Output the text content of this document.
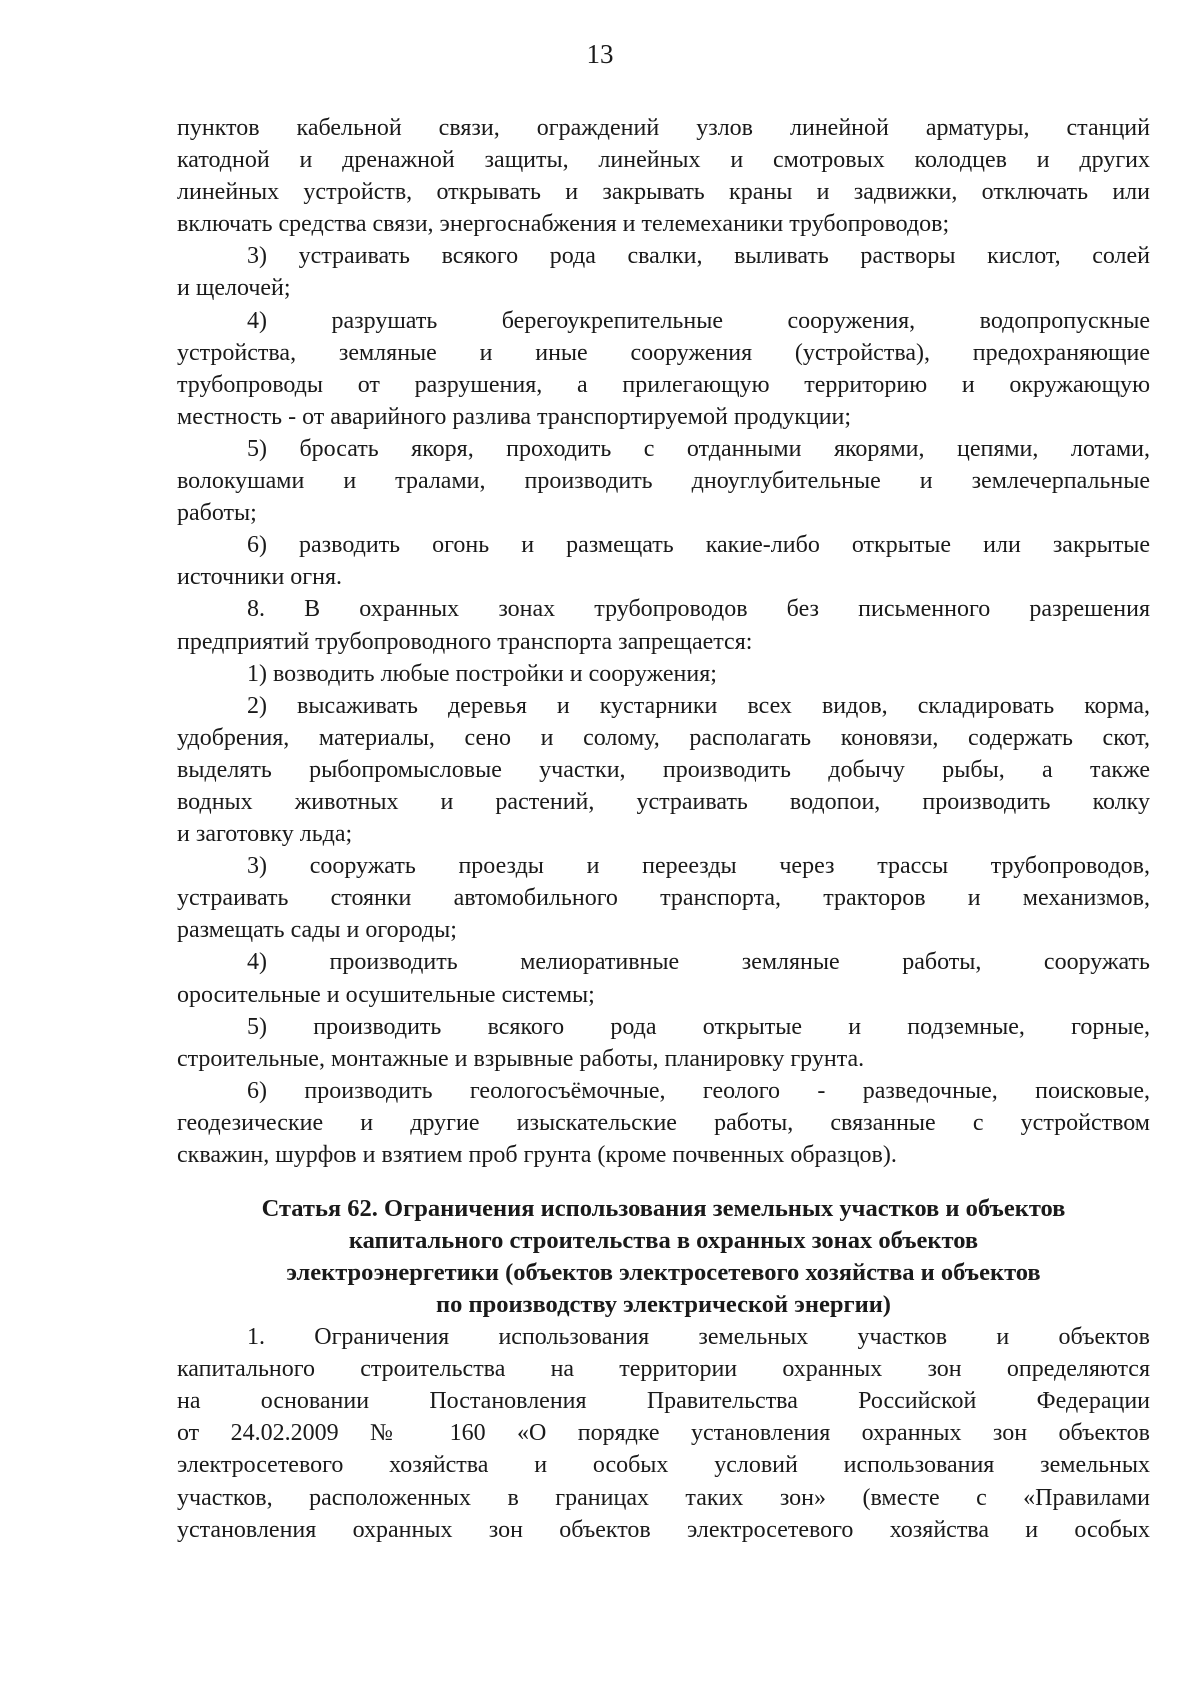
13
пунктов кабельной связи, ограждений узлов линейной арматуры, станций
катодной и дренажной защиты, линейных и смотровых колодцев и других
линейных устройств, открывать и закрывать краны и задвижки, отключать или
включать средства связи, энергоснабжения и телемеханики трубопроводов;
3) устраивать всякого рода свалки, выливать растворы кислот, солей
и щелочей;
4) разрушать берегоукрепительные сооружения, водопропускные
устройства, земляные и иные сооружения (устройства), предохраняющие
трубопроводы от разрушения, а прилегающую территорию и окружающую
местность - от аварийного разлива транспортируемой продукции;
5) бросать якоря, проходить с отданными якорями, цепями, лотами,
волокушами и тралами, производить дноуглубительные и землечерпальные
работы;
6) разводить огонь и размещать какие-либо открытые или закрытые
источники огня.
8. В охранных зонах трубопроводов без письменного разрешения
предприятий трубопроводного транспорта запрещается:
1) возводить любые постройки и сооружения;
2) высаживать деревья и кустарники всех видов, складировать корма,
удобрения, материалы, сено и солому, располагать коновязи, содержать скот,
выделять рыбопромысловые участки, производить добычу рыбы, а также
водных животных и растений, устраивать водопои, производить колку
и заготовку льда;
3) сооружать проезды и переезды через трассы трубопроводов,
устраивать стоянки автомобильного транспорта, тракторов и механизмов,
размещать сады и огороды;
4) производить мелиоративные земляные работы, сооружать
оросительные и осушительные системы;
5) производить всякого рода открытые и подземные, горные,
строительные, монтажные и взрывные работы, планировку грунта.
6) производить геологосъёмочные, геолого - разведочные, поисковые,
геодезические и другие изыскательские работы, связанные с устройством
скважин, шурфов и взятием проб грунта (кроме почвенных образцов).
Статья 62. Ограничения использования земельных участков и объектов
капитального строительства в охранных зонах объектов
электроэнергетики (объектов электросетевого хозяйства и объектов
по производству электрической энергии)
1. Ограничения использования земельных участков и объектов
капитального строительства на территории охранных зон определяются
на основании Постановления Правительства Российской Федерации
от 24.02.2009 № 160 «О порядке установления охранных зон объектов
электросетевого хозяйства и особых условий использования земельных
участков, расположенных в границах таких зон» (вместе с «Правилами
установления охранных зон объектов электросетевого хозяйства и особых
